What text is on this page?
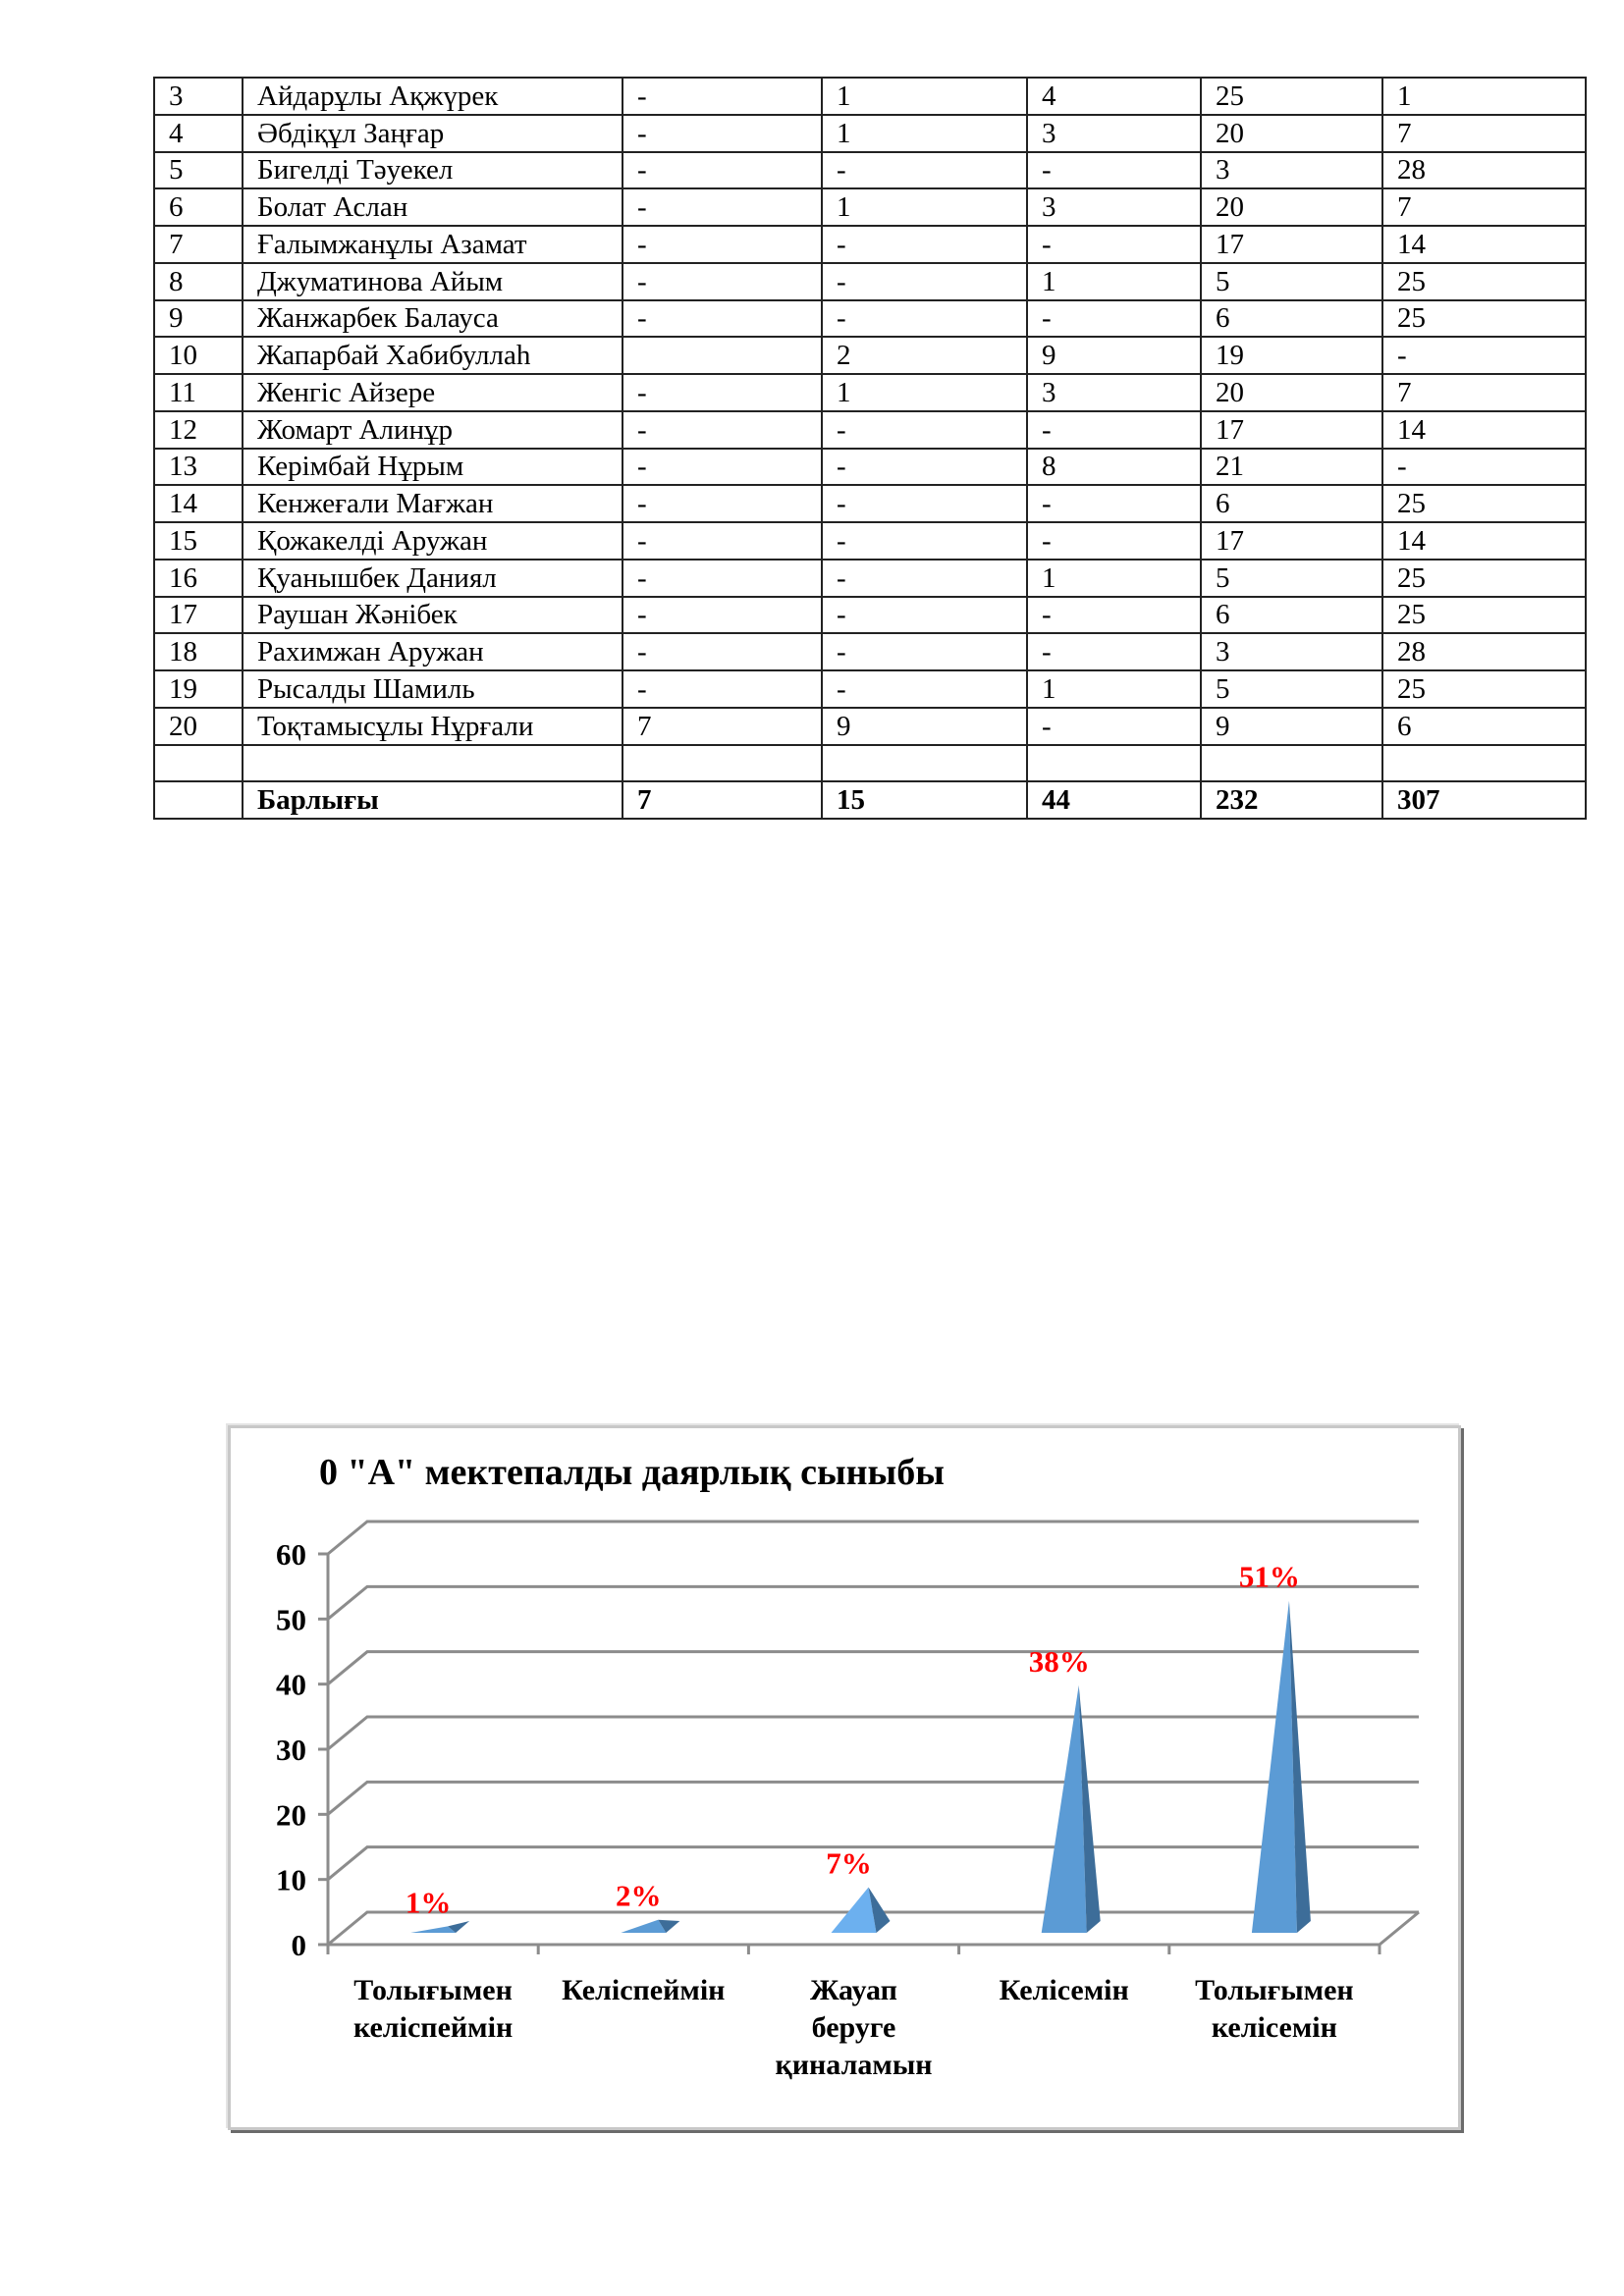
3	Айдарұлы Ақжүрек	-	1	4	25	1
4	Әбдіқұл Заңғар	-	1	3	20	7
5	Бигелді Тәуекел	-	-	-	3	28
6	Болат Аслан	-	1	3	20	7
7	Ғалымжанұлы Азамат	-	-	-	17	14
8	Джуматинова Айым	-	-	1	5	25
9	Жанжарбек Балауса	-	-	-	6	25
10	Жапарбай Хабибуллаh		2	9	19	-
11	Женгіс Айзере	-	1	3	20	7
12	Жомарт Алинұр	-	-	-	17	14
13	Керімбай Нұрым	-	-	8	21	-
14	Кенжеғали Мағжан	-	-	-	6	25
15	Қожакелді Аружан	-	-	-	17	14
16	Қуанышбек Даниял	-	-	1	5	25
17	Раушан Жәнібек	-	-	-	6	25
18	Рахимжан Аружан	-	-	-	3	28
19	Рысалды Шамиль	-	-	1	5	25
20	Тоқтамысұлы Нұрғали	7	9	-	9	6

	Барлығы	7	15	44	232	307
0 "А" мектепалды даярлық сыныбы
0
10
20
30
40
50
60
1%
Толығымен
келіспеймін
2%
Келіспеймін
7%
Жауап
беруге
қиналамын
38%
Келісемін
51%
Толығымен
келісемін
